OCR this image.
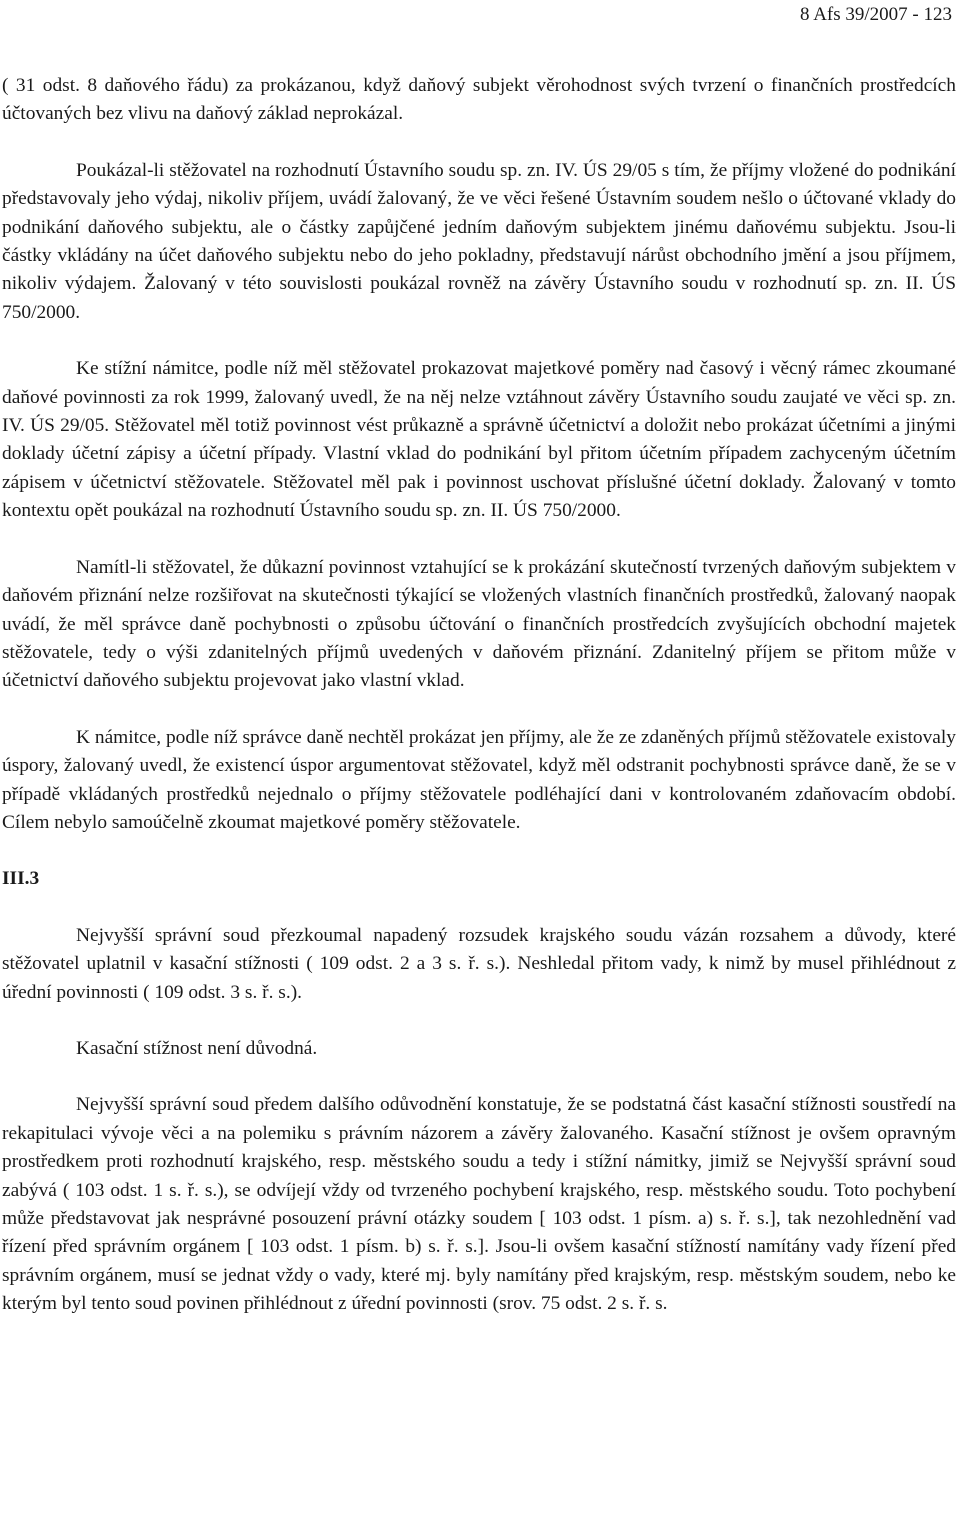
8 Afs 39/2007 - 123

( 31 odst. 8 daňového řádu) za prokázanou, když daňový subjekt věrohodnost svých tvrzení o finančních prostředcích účtovaných bez vlivu na daňový základ neprokázal.

Poukázal-li stěžovatel na rozhodnutí Ústavního soudu sp. zn. IV. ÚS 29/05 s tím, že příjmy vložené do podnikání představovaly jeho výdaj, nikoliv příjem, uvádí žalovaný, že ve věci řešené Ústavním soudem nešlo o účtované vklady do podnikání daňového subjektu, ale o částky zapůjčené jedním daňovým subjektem jinému daňovému subjektu. Jsou-li částky vkládány na účet daňového subjektu nebo do jeho pokladny, představují nárůst obchodního jmění a jsou příjmem, nikoliv výdajem. Žalovaný v této souvislosti poukázal rovněž na závěry Ústavního soudu v rozhodnutí sp. zn. II. ÚS 750/2000.

Ke stížní námitce, podle níž měl stěžovatel prokazovat majetkové poměry nad časový i věcný rámec zkoumané daňové povinnosti za rok 1999, žalovaný uvedl, že na něj nelze vztáhnout závěry Ústavního soudu zaujaté ve věci sp. zn. IV. ÚS 29/05. Stěžovatel měl totiž povinnost vést průkazně a správně účetnictví a doložit nebo prokázat účetními a jinými doklady účetní zápisy a účetní případy. Vlastní vklad do podnikání byl přitom účetním případem zachyceným účetním zápisem v účetnictví stěžovatele. Stěžovatel měl pak i povinnost uschovat příslušné účetní doklady. Žalovaný v tomto kontextu opět poukázal na rozhodnutí Ústavního soudu sp. zn. II. ÚS 750/2000.

Namítl-li stěžovatel, že důkazní povinnost vztahující se k prokázání skutečností tvrzených daňovým subjektem v daňovém přiznání nelze rozšiřovat na skutečnosti týkající se vložených vlastních finančních prostředků, žalovaný naopak uvádí, že měl správce daně pochybnosti o způsobu účtování o finančních prostředcích zvyšujících obchodní majetek stěžovatele, tedy o výši zdanitelných příjmů uvedených v daňovém přiznání. Zdanitelný příjem se přitom může v účetnictví daňového subjektu projevovat jako vlastní vklad.

K námitce, podle níž správce daně nechtěl prokázat jen příjmy, ale že ze zdaněných příjmů stěžovatele existovaly úspory, žalovaný uvedl, že existencí úspor argumentovat stěžovatel, když měl odstranit pochybnosti správce daně, že se v případě vkládaných prostředků nejednalo o příjmy stěžovatele podléhající dani v kontrolovaném zdaňovacím období. Cílem nebylo samoúčelně zkoumat majetkové poměry stěžovatele.

III.3

Nejvyšší správní soud přezkoumal napadený rozsudek krajského soudu vázán rozsahem a důvody, které stěžovatel uplatnil v kasační stížnosti ( 109 odst. 2 a 3 s. ř. s.). Neshledal přitom vady, k nimž by musel přihlédnout z úřední povinnosti ( 109 odst. 3 s. ř. s.).

Kasační stížnost není důvodná.

Nejvyšší správní soud předem dalšího odůvodnění konstatuje, že se podstatná část kasační stížnosti soustředí na rekapitulaci vývoje věci a na polemiku s právním názorem a závěry žalovaného. Kasační stížnost je ovšem opravným prostředkem proti rozhodnutí krajského, resp. městského soudu a tedy i stížní námitky, jimiž se Nejvyšší správní soud zabývá ( 103 odst. 1 s. ř. s.), se odvíjejí vždy od tvrzeného pochybení krajského, resp. městského soudu. Toto pochybení může představovat jak nesprávné posouzení právní otázky soudem [ 103 odst. 1 písm. a) s. ř. s.], tak nezohlednění vad řízení před správním orgánem [ 103 odst. 1 písm. b) s. ř. s.]. Jsou-li ovšem kasační stížností namítány vady řízení před správním orgánem, musí se jednat vždy o vady, které mj. byly namítány před krajským, resp. městským soudem, nebo ke kterým byl tento soud povinen přihlédnout z úřední povinnosti (srov. 75 odst. 2 s. ř. s.
